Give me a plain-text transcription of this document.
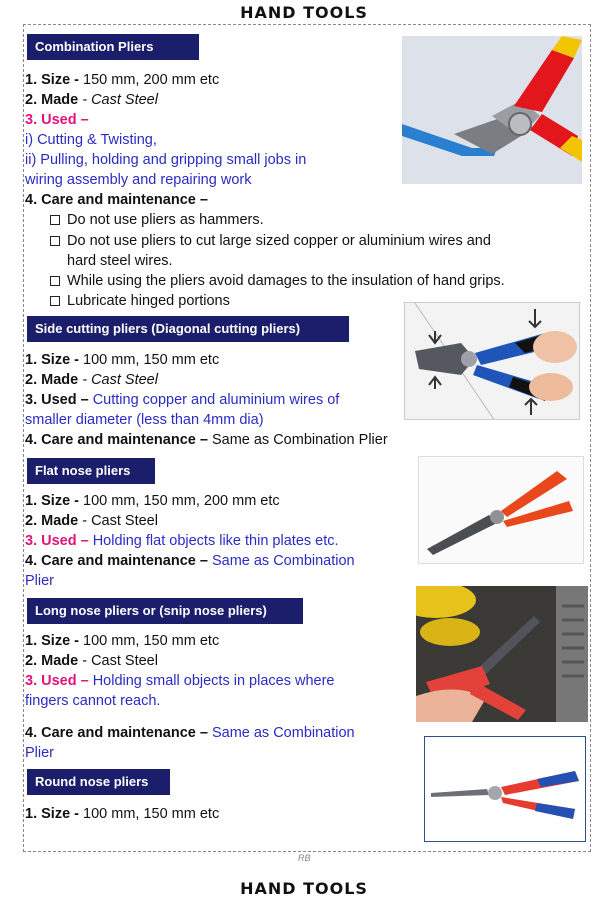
HAND TOOLS
Combination Pliers
1. Size - 150 mm, 200 mm etc
2. Made - Cast Steel
3. Used –
i) Cutting & Twisting,
ii) Pulling, holding and gripping small jobs in
wiring assembly and repairing work
4. Care and maintenance –
Do not use pliers as hammers.
Do not use pliers to cut large sized copper or aluminium wires and
hard steel wires.
While using the pliers avoid damages to the insulation of hand grips.
Lubricate hinged portions
Side cutting pliers (Diagonal cutting pliers)
1. Size - 100 mm, 150 mm etc
2. Made - Cast Steel
3. Used – Cutting copper and aluminium wires of
smaller diameter (less than 4mm dia)
4. Care and maintenance – Same as Combination Plier
Flat nose pliers
1. Size - 100 mm, 150 mm, 200 mm etc
2. Made - Cast Steel
3. Used – Holding flat objects like thin plates etc.
4. Care and maintenance – Same as Combination
Plier
Long nose pliers or (snip nose pliers)
1. Size - 100 mm, 150 mm etc
2. Made - Cast Steel
3. Used – Holding small objects in places where
fingers cannot reach.
4. Care and maintenance – Same as Combination
Plier
Round nose pliers
1. Size - 100 mm, 150 mm etc
RB
HAND TOOLS
